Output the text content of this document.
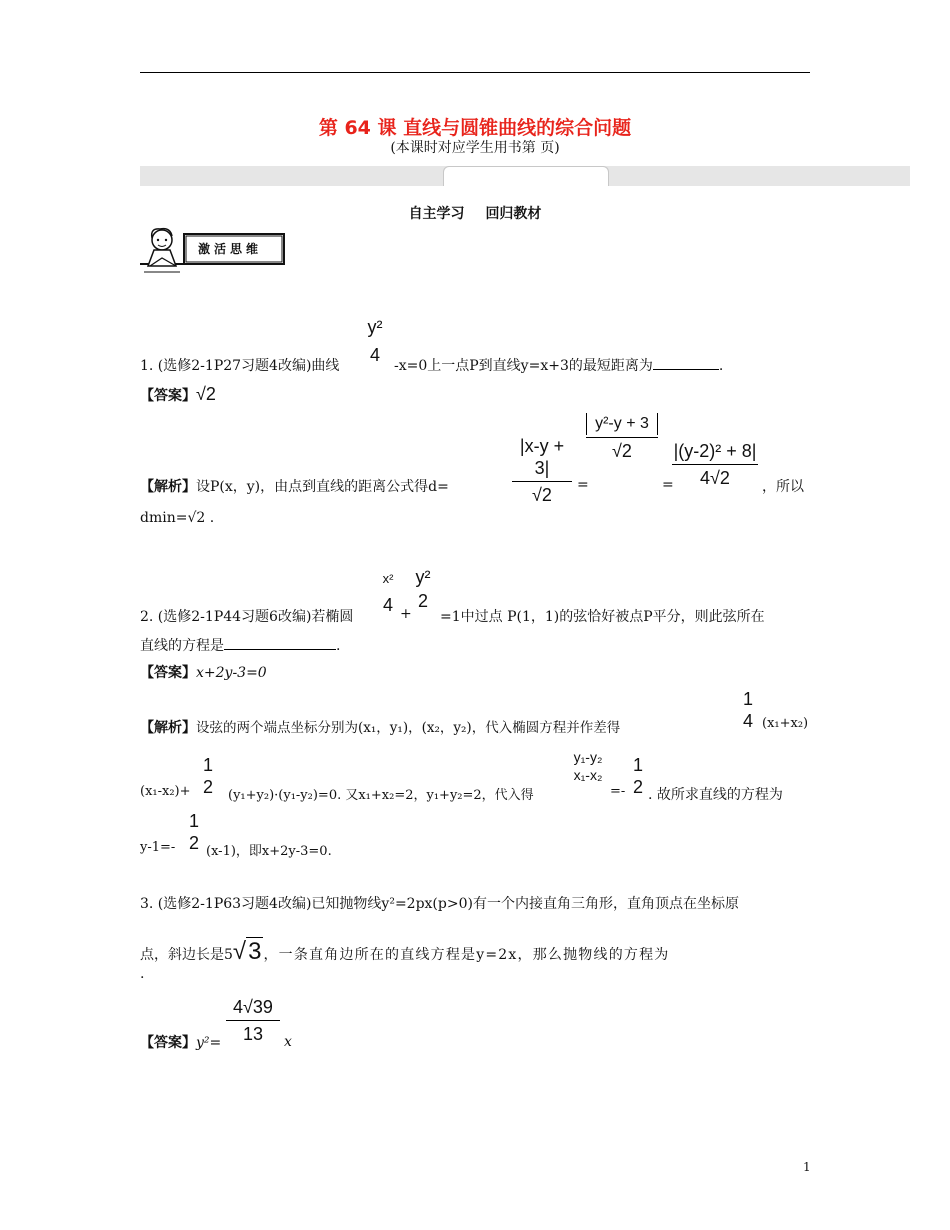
第 64 课 直线与圆锥曲线的综合问题
(本课时对应学生用书第 页)
自主学习 回归教材
激活思维
y²
4
1. (选修2-1P27习题4改编)曲线	-x=0上一点P到直线y=x+3的最短距离为	.
【答案】√2
|x-y + 3|
√2
y²-y + 3
√2	|(y-2)² + 8|
4√2
【解析】设P(x，y)，由点到直线的距离公式得d=	=	=	，所以
dmin=√2 .
x²
4
y²
2
2. (选修2-1P44习题6改编)若椭圆	+ =1中过点 P(1，1)的弦恰好被点P平分，则此弦所在
直线的方程是	.
【答案】x+2y-3=0
1
4
【解析】设弦的两个端点坐标分别为(x₁，y₁)，(x₂，y₂)，代入椭圆方程并作差得	(x₁+x₂)
1
2
y₁-y₂
x₁-x₂	1
2
(x₁-x₂)+	(y₁+y₂)·(y₁-y₂)=0. 又x₁+x₂=2，y₁+y₂=2，代入得	=- . 故所求直线的方程为
1
2
y-1=- (x-1)，即x+2y-3=0.
3. (选修2-1P63习题4改编)已知抛物线y²=2px(p>0)有一个内接直角三角形，直角顶点在坐标原
点，斜边长是5√3 ，一条直角边所在的直线方程是y=2x，那么抛物线的方程为
.
4√39
13
【答案】y²=	x
1
